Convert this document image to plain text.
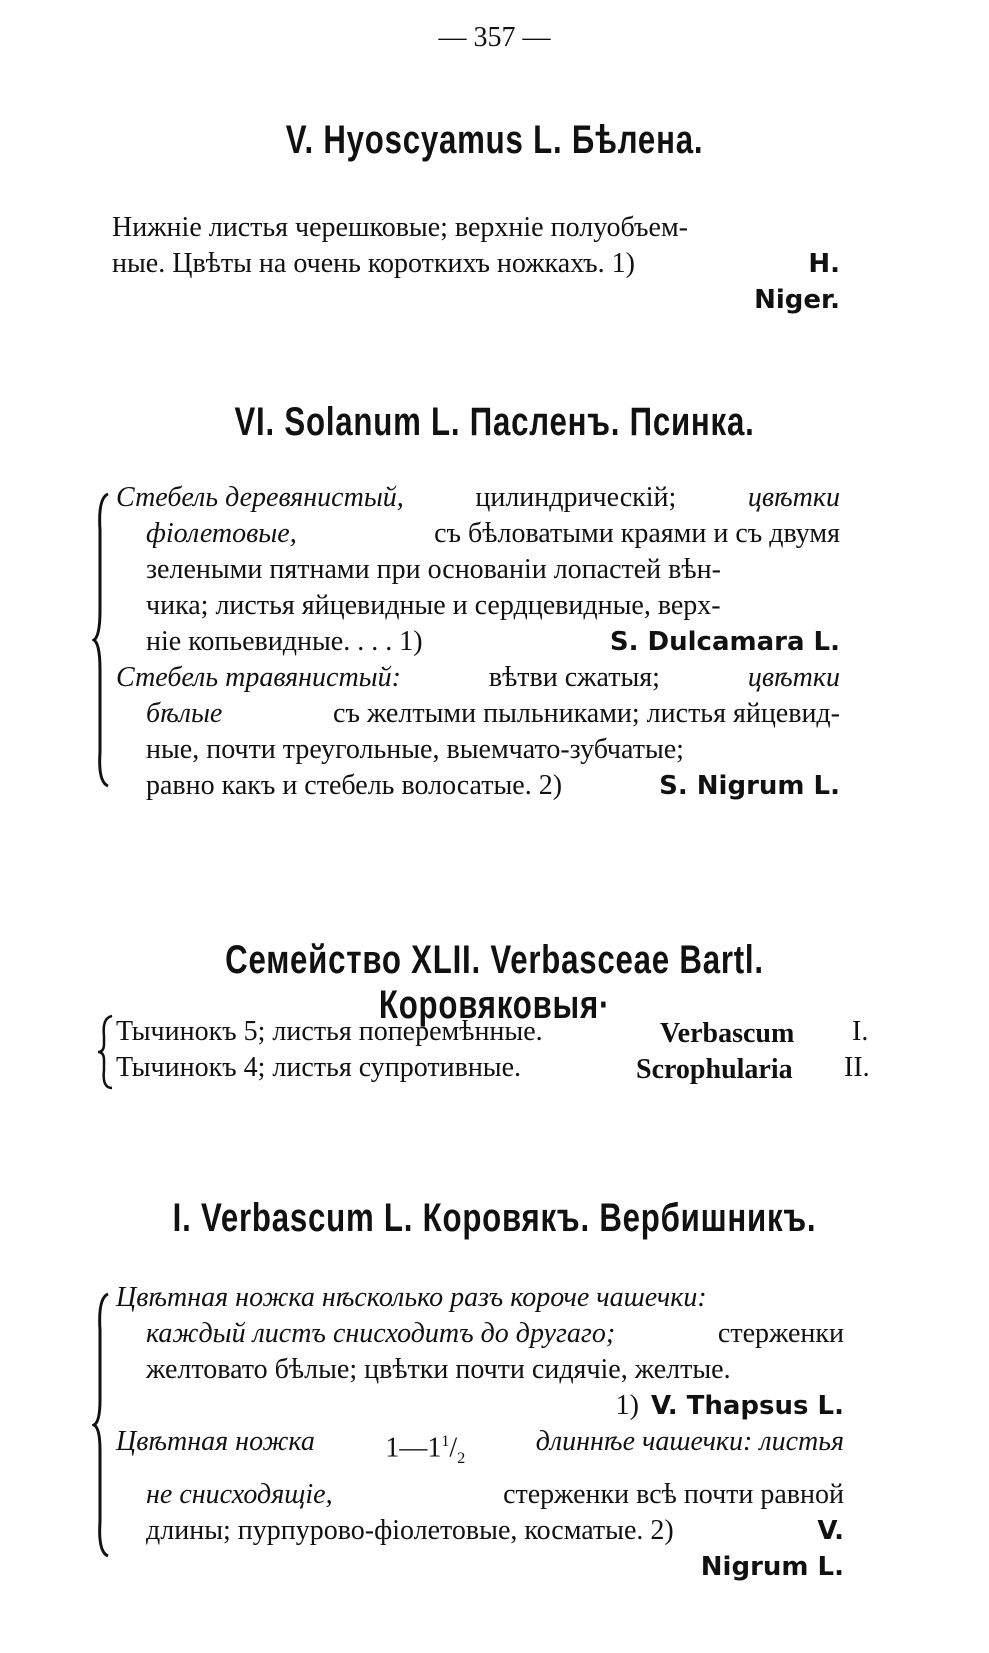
— 357 —
V. Hyoscyamus L. Бѣлена.
Нижніе листья черешковые; верхніе полуобъем-
ные. Цвѣты на очень короткихъ ножкахъ. 1)	H.
Niger.
VI. Solanum L. Пасленъ. Псинка.
Стебель деревянистый,	цилиндрическій;	цвѣтки
фіолетовые,	съ бѣловатыми краями и съ двумя
зелеными пятнами при основаніи лопастей вѣн-
чика; листья яйцевидные и сердцевидные, верх-
ніе копьевидные. . . . 1)	S. Dulcamara L.
Стебель травянистый:	вѣтви сжатыя;	цвѣтки
бѣлые	съ желтыми пыльниками; листья яйцевид-
ные, почти треугольные, выемчато-зубчатые;
равно какъ и стебель волосатые. 2)	S. Nigrum L.
Семейство XLII. Verbasceae Bartl. Коровяковыя·
Тычинокъ 5; листья поперемѣнные.	Verbascum I.
Тычинокъ 4; листья супротивные.	Scrophularia II.
I. Verbascum L. Коровякъ. Вербишникъ.
Цвѣтная ножка нѣсколько разъ короче чашечки:
каждый листъ снисходитъ до другаго;	стерженки
желтовато бѣлые; цвѣтки почти сидячіе, желтые.
1) V. Thapsus L.
Цвѣтная ножка	$1—1^1/_2$
длиннѣе чашечки: листья
не снисходящіе,	стерженки всѣ почти равной
длины; пурпурово-фіолетовые, косматые. 2)	V.
Nigrum L.
